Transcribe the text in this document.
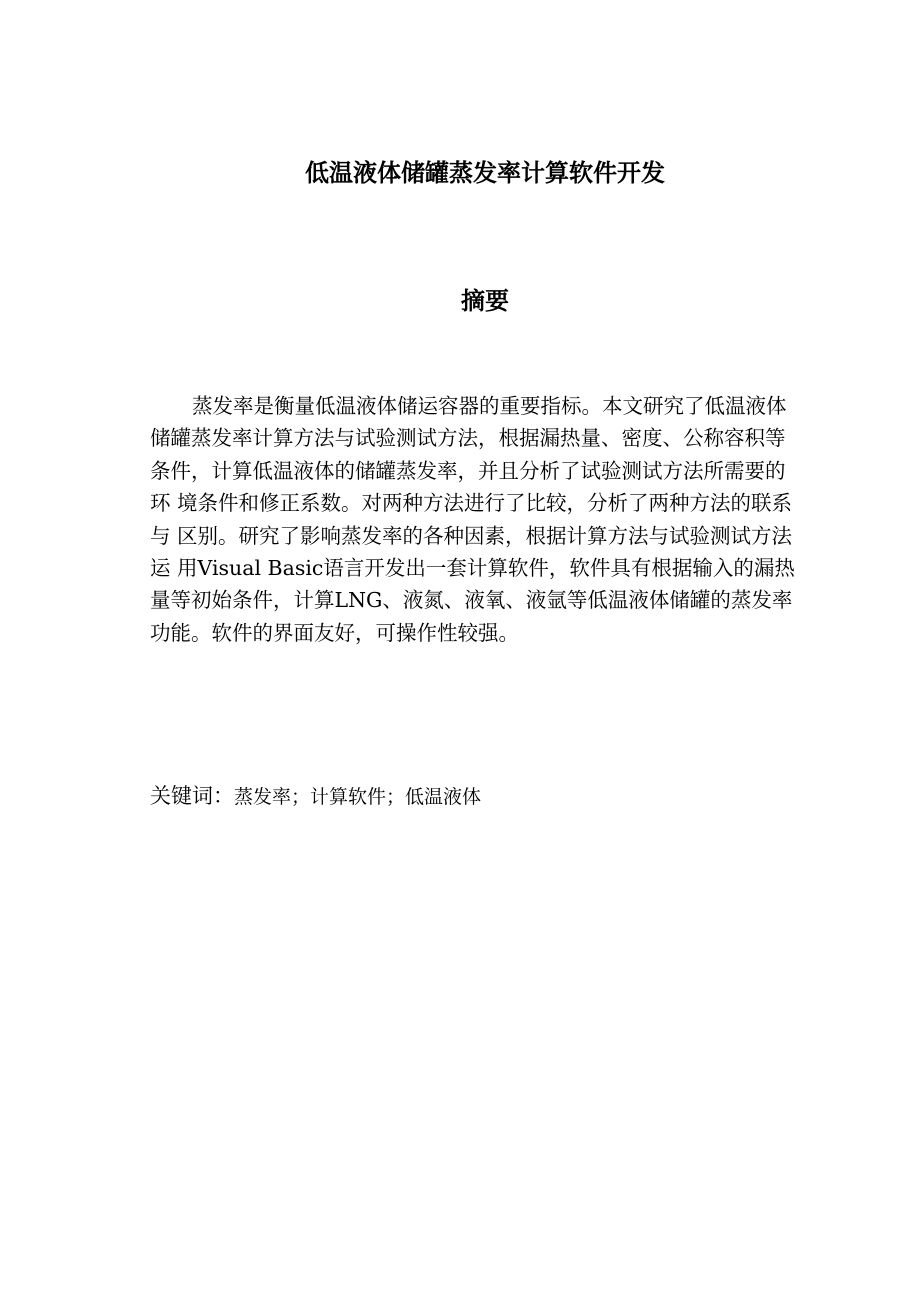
低温液体储罐蒸发率计算软件开发
摘要
蒸发率是衡量低温液体储运容器的重要指标。本文研究了低温液体
储罐蒸发率计算方法与试验测试方法，根据漏热量、密度、公称容积等
条件，计算低温液体的储罐蒸发率，并且分析了试验测试方法所需要的
环 境条件和修正系数。对两种方法进行了比较，分析了两种方法的联系
与 区别。研究了影响蒸发率的各种因素，根据计算方法与试验测试方法
运 用Visual Basic语言开发出一套计算软件，软件具有根据输入的漏热
量等初始条件，计算LNG、液氮、液氧、液氩等低温液体储罐的蒸发率
功能。软件的界面友好，可操作性较强。

关键词：蒸发率；计算软件；低温液体
